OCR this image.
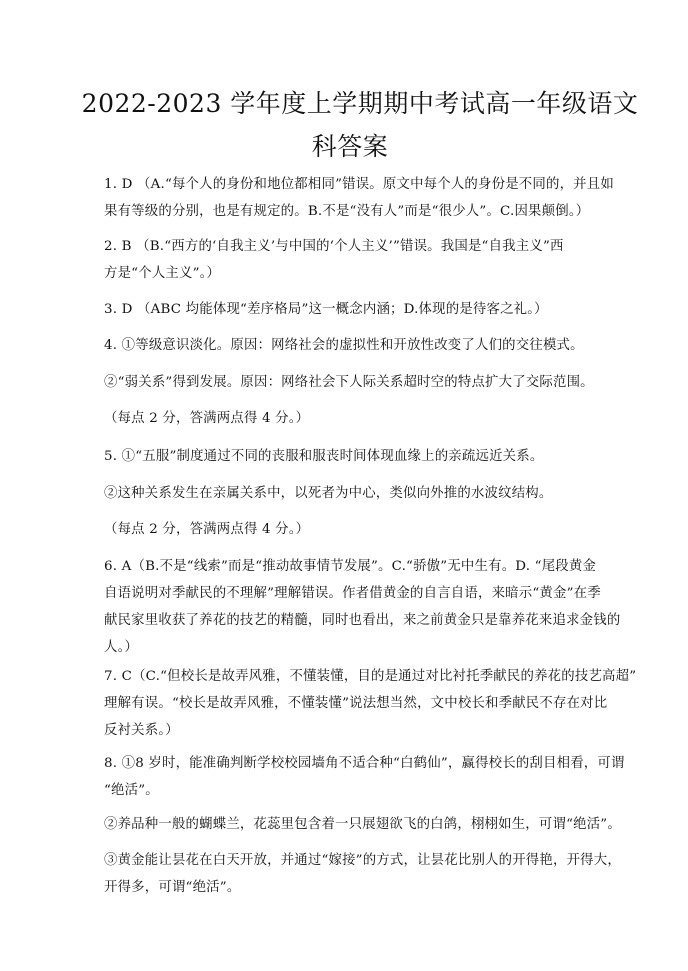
2022-2023 学年度上学期期中考试高一年级语文
科答案
1. D （A.“每个人的身份和地位都相同”错误。原文中每个人的身份是不同的，并且如
果有等级的分别，也是有规定的。B.不是“没有人”而是“很少人”。C.因果颠倒。）
2. B （B.“西方的‘自我主义’与中国的‘个人主义’”错误。我国是“自我主义”西
方是“个人主义”。）
3. D （ABC 均能体现“差序格局”这一概念内涵；D.体现的是待客之礼。）
4. ①等级意识淡化。原因：网络社会的虚拟性和开放性改变了人们的交往模式。
②“弱关系”得到发展。原因：网络社会下人际关系超时空的特点扩大了交际范围。
（每点 2 分，答满两点得 4 分。）
5. ①“五服”制度通过不同的丧服和服丧时间体现血缘上的亲疏远近关系。
②这种关系发生在亲属关系中，以死者为中心，类似向外推的水波纹结构。
（每点 2 分，答满两点得 4 分。）
6. A（B.不是“线索”而是“推动故事情节发展”。C.“骄傲”无中生有。D. “尾段黄金
自语说明对季献民的不理解”理解错误。作者借黄金的自言自语，来暗示“黄金”在季
献民家里收获了养花的技艺的精髓，同时也看出，来之前黄金只是靠养花来追求金钱的
人。）
7. C（C.“但校长是故弄风雅，不懂装懂，目的是通过对比衬托季献民的养花的技艺高超”
理解有误。“校长是故弄风雅，不懂装懂”说法想当然，文中校长和季献民不存在对比
反衬关系。）
8. ①8 岁时，能准确判断学校校园墙角不适合种“白鹤仙”，赢得校长的刮目相看，可谓
“绝活”。
②养品种一般的蝴蝶兰，花蕊里包含着一只展翅欲飞的白鸽，栩栩如生，可谓“绝活”。
③黄金能让昙花在白天开放，并通过“嫁接”的方式，让昙花比别人的开得艳，开得大，
开得多，可谓“绝活”。
